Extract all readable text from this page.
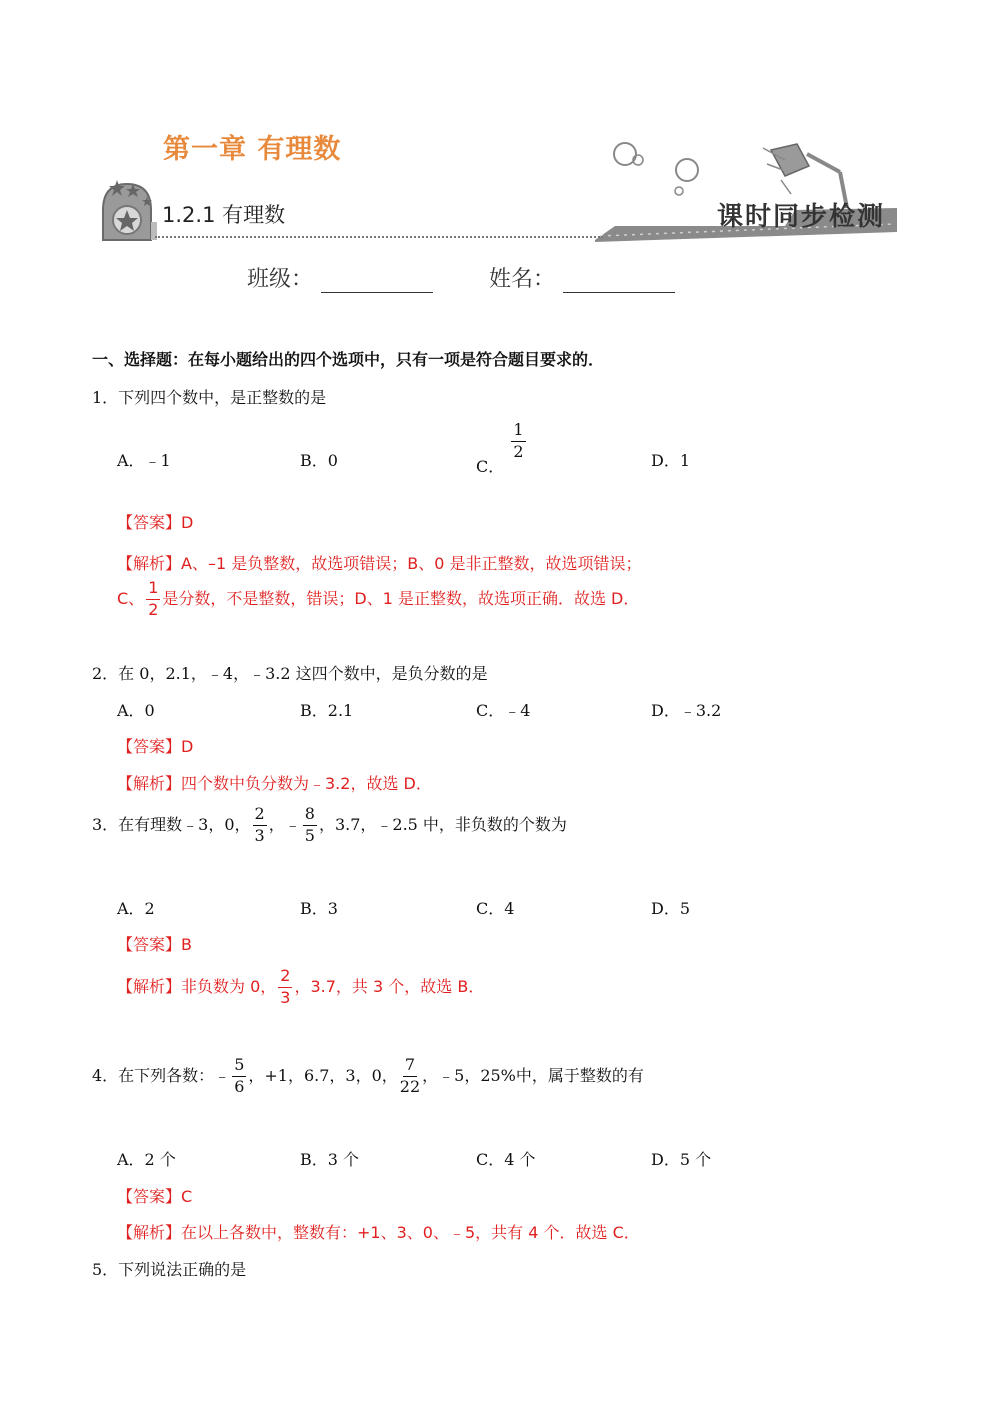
第一章 有理数
1.2.1 有理数	课时同步检测
班级：	姓名：
一、选择题：在每小题给出的四个选项中，只有一项是符合题目要求的．
1．下列四个数中，是正整数的是
A．﹣1	B．0	C．
$\frac{1}{2}$	D．1
【答案】D
【解析】A、–1 是负整数，故选项错误；B、0 是非正整数，故选项错误；
C、 $\frac{1}{2}$ 是分数，不是整数，错误；D、1 是正整数，故选项正确．故选 D．
2．在 0，2.1，﹣4，﹣3.2 这四个数中，是负分数的是
A．0	B．2.1	C．﹣4	D．﹣3.2
【答案】D
【解析】四个数中负分数为﹣3.2，故选 D．
3．在有理数﹣3，0， $\frac{2}{3}$ ，﹣ $\frac{8}{5}$ ，3.7，﹣2.5 中，非负数的个数为
A．2	B．3	C．4	D．5
【答案】B
【解析】非负数为 0， $\frac{2}{3}$ ，3.7，共 3 个，故选 B．
4．在下列各数：﹣ $\frac{5}{6}$ ，+1，6.7，3，0， $\frac{7}{22}$ ，﹣5，25%中，属于整数的有
A．2 个	B．3 个	C．4 个	D．5 个
【答案】C
【解析】在以上各数中，整数有：+1、3、0、﹣5，共有 4 个．故选 C．
5．下列说法正确的是
